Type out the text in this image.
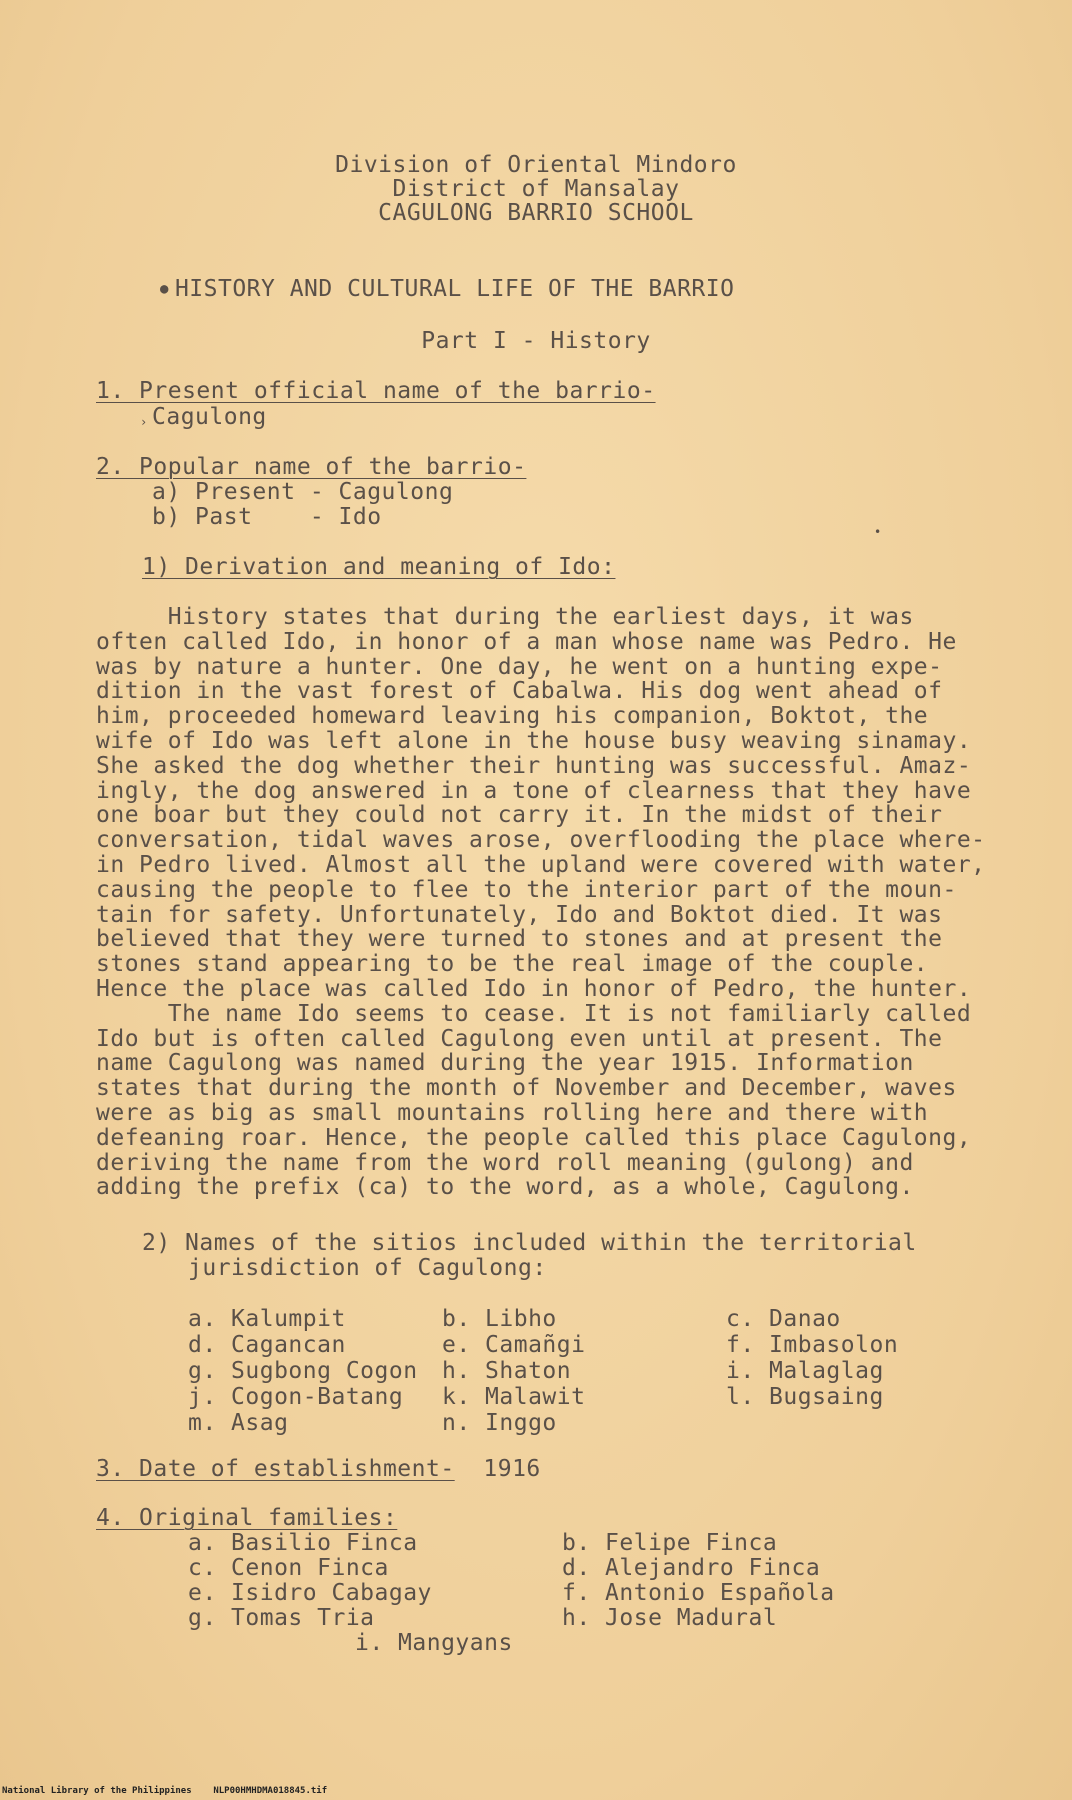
Division of Oriental Mindoro
District of Mansalay
CAGULONG BARRIO SCHOOL
● HISTORY AND CULTURAL LIFE OF THE BARRIO
Part I - History
1. Present official name of the barrio-
Cagulong
2. Popular name of the barrio-
a) Present - Cagulong
b) Past    - Ido
1) Derivation and meaning of Ido:
History states that during the earliest days, it was
often called Ido, in honor of a man whose name was Pedro. He
was by nature a hunter. One day, he went on a hunting expe-
dition in the vast forest of Cabalwa. His dog went ahead of
him, proceeded homeward leaving his companion, Boktot, the
wife of Ido was left alone in the house busy weaving sinamay.
She asked the dog whether their hunting was successful. Amaz-
ingly, the dog answered in a tone of clearness that they have
one boar but they could not carry it. In the midst of their
conversation, tidal waves arose, overflooding the place where-
in Pedro lived. Almost all the upland were covered with water,
causing the people to flee to the interior part of the moun-
tain for safety. Unfortunately, Ido and Boktot died. It was
believed that they were turned to stones and at present the
stones stand appearing to be the real image of the couple.
Hence the place was called Ido in honor of Pedro, the hunter.
The name Ido seems to cease. It is not familiarly called
Ido but is often called Cagulong even until at present. The
name Cagulong was named during the year 1915. Information
states that during the month of November and December, waves
were as big as small mountains rolling here and there with
defeaning roar. Hence, the people called this place Cagulong,
deriving the name from the word roll meaning (gulong) and
adding the prefix (ca) to the word, as a whole, Cagulong.
2) Names of the sitios included within the territorial
jurisdiction of Cagulong:
a. Kalumpit	b. Libho	c. Danao
d. Cagancan	e. Camañgi	f. Imbasolon
g. Sugbong Cogon h. Shaton	i. Malaglag
j. Cogon-Batang k. Malawit	l. Bugsaing
m. Asag	n. Inggo
3. Date of establishment- 1916
4. Original families:
a. Basilio Finca	b. Felipe Finca
c. Cenon Finca	d. Alejandro Finca
e. Isidro Cabagay	f. Antonio Española
g. Tomas Tria	h. Jose Madural
i. Mangyans
›
•
National Library of the Philippines NLP00HMHDMA018845.tif
